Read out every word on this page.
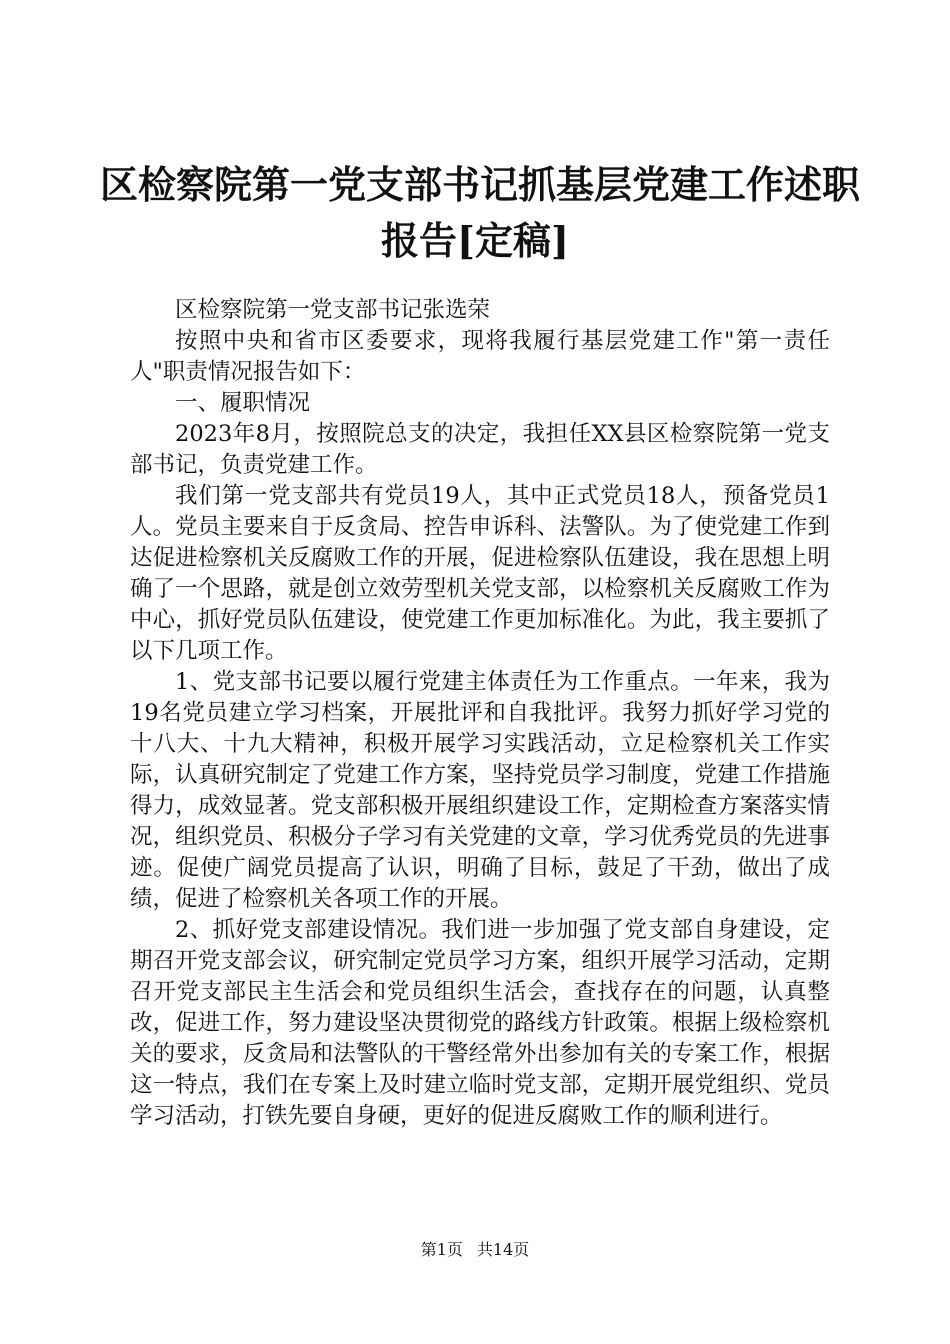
区检察院第一党支部书记抓基层党建工作述职
报告[定稿]

区检察院第一党支部书记张选荣

按照中央和省市区委要求，现将我履行基层党建工作"第一责任人"职责情况报告如下：

一、履职情况

2023年8月，按照院总支的决定，我担任XX县区检察院第一党支部书记，负责党建工作。

我们第一党支部共有党员19人，其中正式党员18人，预备党员1人。党员主要来自于反贪局、控告申诉科、法警队。为了使党建工作到达促进检察机关反腐败工作的开展，促进检察队伍建设，我在思想上明确了一个思路，就是创立效劳型机关党支部，以检察机关反腐败工作为中心，抓好党员队伍建设，使党建工作更加标准化。为此，我主要抓了以下几项工作。

1、党支部书记要以履行党建主体责任为工作重点。一年来，我为19名党员建立学习档案，开展批评和自我批评。我努力抓好学习党的十八大、十九大精神，积极开展学习实践活动，立足检察机关工作实际，认真研究制定了党建工作方案，坚持党员学习制度，党建工作措施得力，成效显著。党支部积极开展组织建设工作，定期检查方案落实情况，组织党员、积极分子学习有关党建的文章，学习优秀党员的先进事迹。促使广阔党员提高了认识，明确了目标，鼓足了干劲，做出了成绩，促进了检察机关各项工作的开展。

2、抓好党支部建设情况。我们进一步加强了党支部自身建设，定期召开党支部会议，研究制定党员学习方案，组织开展学习活动，定期召开党支部民主生活会和党员组织生活会，查找存在的问题，认真整改，促进工作，努力建设坚决贯彻党的路线方针政策。根据上级检察机关的要求，反贪局和法警队的干警经常外出参加有关的专案工作，根据这一特点，我们在专案上及时建立临时党支部，定期开展党组织、党员学习活动，打铁先要自身硬，更好的促进反腐败工作的顺利进行。

第1页 共14页
